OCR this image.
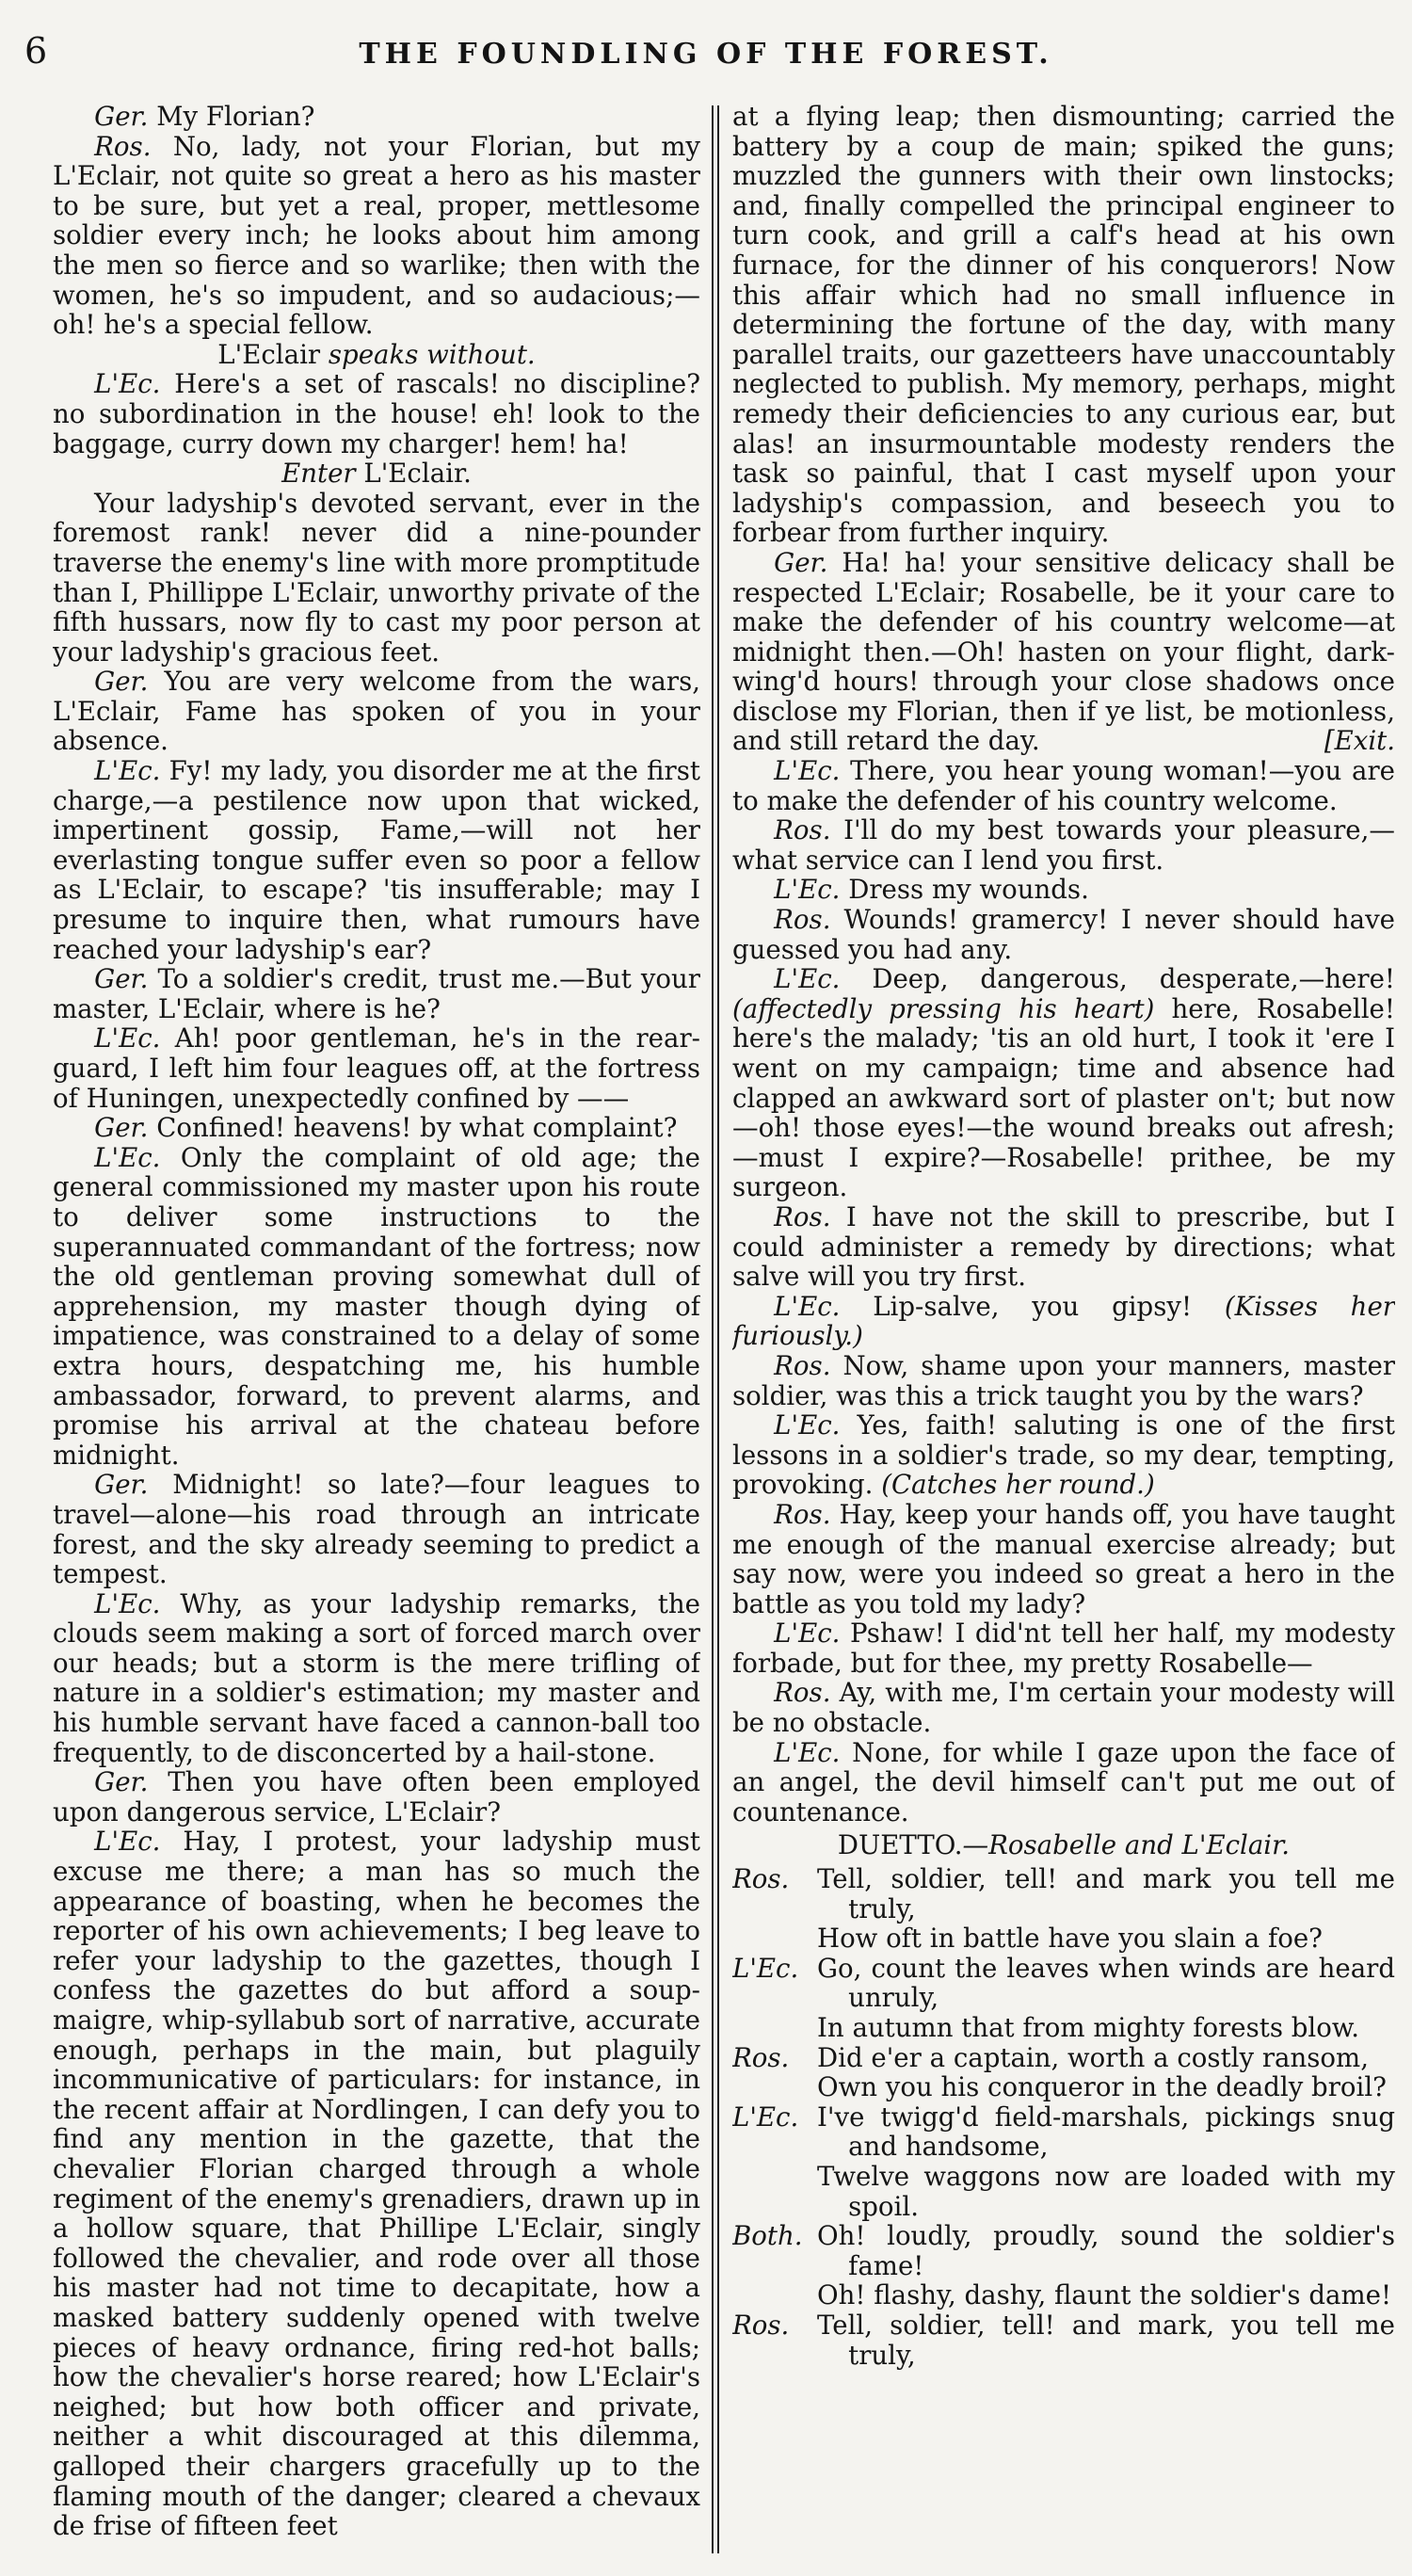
6	THE FOUNDLING OF THE FOREST.

Ger. My Florian?

Ros. No, lady, not your Florian, but my L'Eclair, not quite so great a hero as his master to be sure, but yet a real, proper, mettlesome soldier every inch; he looks about him among the men so fierce and so warlike; then with the women, he's so impudent, and so audacious;—oh! he's a special fellow.

L'Eclair speaks without.

L'Ec. Here's a set of rascals! no discipline? no subordination in the house! eh! look to the baggage, curry down my charger! hem! ha!

Enter L'Eclair.

Your ladyship's devoted servant, ever in the foremost rank! never did a nine-pounder traverse the enemy's line with more promptitude than I, Phillippe L'Eclair, unworthy private of the fifth hussars, now fly to cast my poor person at your ladyship's gracious feet.

Ger. You are very welcome from the wars, L'Eclair, Fame has spoken of you in your absence.

L'Ec. Fy! my lady, you disorder me at the first charge,—a pestilence now upon that wicked, impertinent gossip, Fame,—will not her everlasting tongue suffer even so poor a fellow as L'Eclair, to escape? 'tis insufferable; may I presume to inquire then, what rumours have reached your ladyship's ear?

Ger. To a soldier's credit, trust me.—But your master, L'Eclair, where is he?

L'Ec. Ah! poor gentleman, he's in the rear-guard, I left him four leagues off, at the fortress of Huningen, unexpectedly confined by ——

Ger. Confined! heavens! by what complaint?

L'Ec. Only the complaint of old age; the general commissioned my master upon his route to deliver some instructions to the superannuated commandant of the fortress; now the old gentleman proving somewhat dull of apprehension, my master though dying of impatience, was constrained to a delay of some extra hours, despatching me, his humble ambassador, forward, to prevent alarms, and promise his arrival at the chateau before midnight.

Ger. Midnight! so late?—four leagues to travel—alone—his road through an intricate forest, and the sky already seeming to predict a tempest.

L'Ec. Why, as your ladyship remarks, the clouds seem making a sort of forced march over our heads; but a storm is the mere trifling of nature in a soldier's estimation; my master and his humble servant have faced a cannon-ball too frequently, to de disconcerted by a hail-stone.

Ger. Then you have often been employed upon dangerous service, L'Eclair?

L'Ec. Hay, I protest, your ladyship must excuse me there; a man has so much the appearance of boasting, when he becomes the reporter of his own achievements; I beg leave to refer your ladyship to the gazettes, though I confess the gazettes do but afford a soup-maigre, whip-syllabub sort of narrative, accurate enough, perhaps in the main, but plaguily incommunicative of particulars: for instance, in the recent affair at Nordlingen, I can defy you to find any mention in the gazette, that the chevalier Florian charged through a whole regiment of the enemy's grenadiers, drawn up in a hollow square, that Phillipe L'Eclair, singly followed the chevalier, and rode over all those his master had not time to decapitate, how a masked battery suddenly opened with twelve pieces of heavy ordnance, firing red-hot balls; how the chevalier's horse reared; how L'Eclair's neighed; but how both officer and private, neither a whit discouraged at this dilemma, galloped their chargers gracefully up to the flaming mouth of the danger; cleared a chevaux de frise of fifteen feet

at a flying leap; then dismounting; carried the battery by a coup de main; spiked the guns; muzzled the gunners with their own linstocks; and, finally compelled the principal engineer to turn cook, and grill a calf's head at his own furnace, for the dinner of his conquerors! Now this affair which had no small influence in determining the fortune of the day, with many parallel traits, our gazetteers have unaccountably neglected to publish. My memory, perhaps, might remedy their deficiencies to any curious ear, but alas! an insurmountable modesty renders the task so painful, that I cast myself upon your ladyship's compassion, and beseech you to forbear from further inquiry.

Ger. Ha! ha! your sensitive delicacy shall be respected L'Eclair; Rosabelle, be it your care to make the defender of his country welcome—at midnight then.—Oh! hasten on your flight, dark-wing'd hours! through your close shadows once disclose my Florian, then if ye list, be motionless, and still retard the day.	[Exit.

L'Ec. There, you hear young woman!—you are to make the defender of his country welcome.

Ros. I'll do my best towards your pleasure,—what service can I lend you first.

L'Ec. Dress my wounds.

Ros. Wounds! gramercy! I never should have guessed you had any.

L'Ec. Deep, dangerous, desperate,—here! (affectedly pressing his heart) here, Rosabelle! here's the malady; 'tis an old hurt, I took it 'ere I went on my campaign; time and absence had clapped an awkward sort of plaster on't; but now—oh! those eyes!—the wound breaks out afresh;—must I expire?—Rosabelle! prithee, be my surgeon.

Ros. I have not the skill to prescribe, but I could administer a remedy by directions; what salve will you try first.

L'Ec. Lip-salve, you gipsy! (Kisses her furiously.)

Ros. Now, shame upon your manners, master soldier, was this a trick taught you by the wars?

L'Ec. Yes, faith! saluting is one of the first lessons in a soldier's trade, so my dear, tempting, provoking. (Catches her round.)

Ros. Hay, keep your hands off, you have taught me enough of the manual exercise already; but say now, were you indeed so great a hero in the battle as you told my lady?

L'Ec. Pshaw! I did'nt tell her half, my modesty forbade, but for thee, my pretty Rosabelle—

Ros. Ay, with me, I'm certain your modesty will be no obstacle.

L'Ec. None, for while I gaze upon the face of an angel, the devil himself can't put me out of countenance.

DUETTO.—Rosabelle and L'Eclair.
Ros.	Tell, soldier, tell! and mark you tell me truly,
How oft in battle have you slain a foe?
L'Ec. Go, count the leaves when winds are heard unruly,
In autumn that from mighty forests blow.
Ros.	Did e'er a captain, worth a costly ransom,
Own you his conqueror in the deadly broil?
L'Ec. I've twigg'd field-marshals, pickings snug and handsome,
Twelve waggons now are loaded with my spoil.
Both. Oh! loudly, proudly, sound the soldier's fame!
Oh! flashy, dashy, flaunt the soldier's dame!
Ros.	Tell, soldier, tell! and mark, you tell me truly,
